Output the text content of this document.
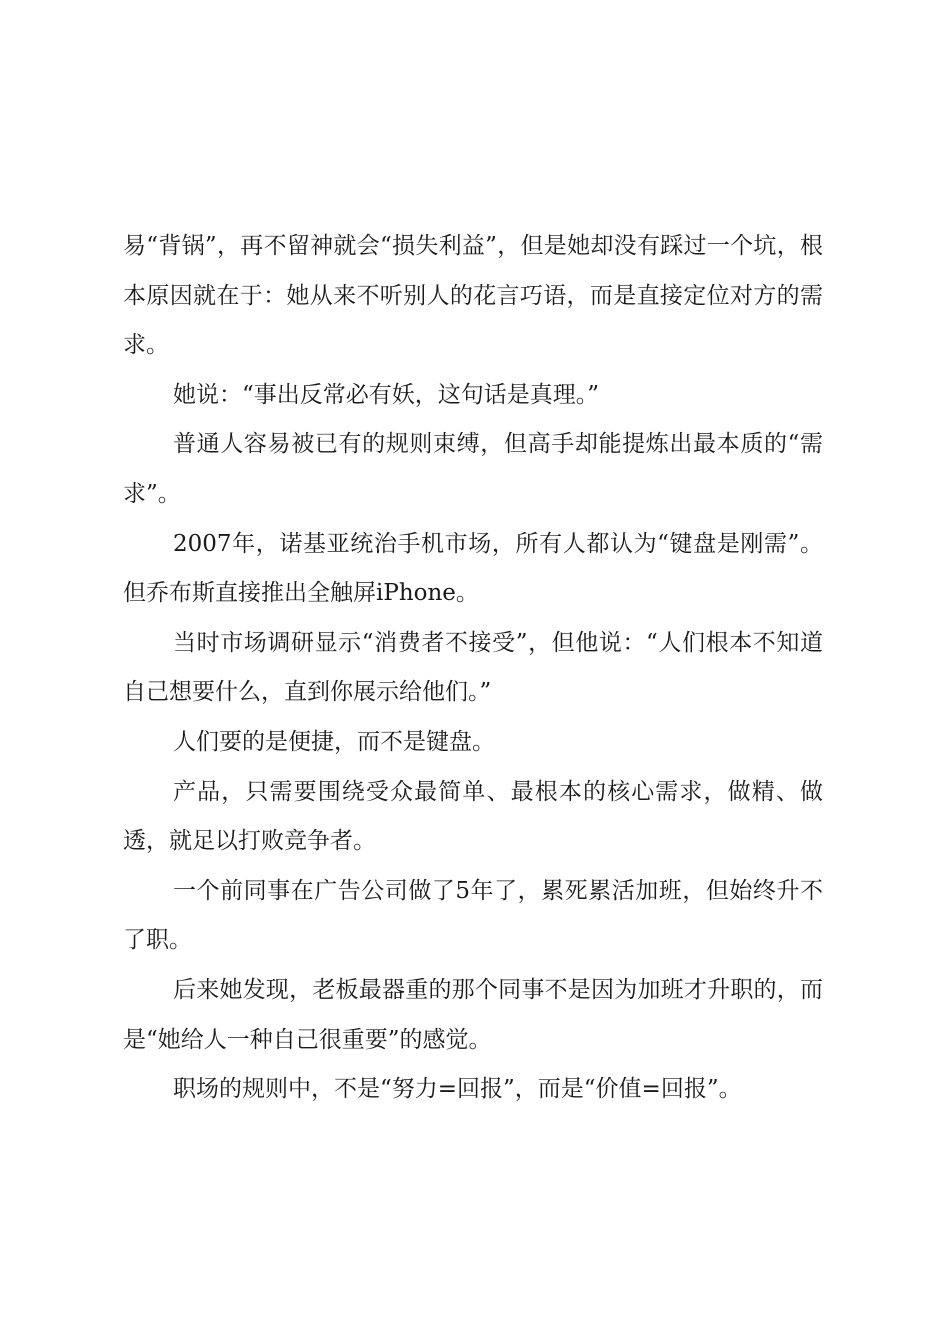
易“背锅”，再不留神就会“损失利益”，但是她却没有踩过一个坑，根本原因就在于：她从来不听别人的花言巧语，而是直接定位对方的需求。

她说：“事出反常必有妖，这句话是真理。”

普通人容易被已有的规则束缚，但高手却能提炼出最本质的“需求”。

2007年，诺基亚统治手机市场，所有人都认为“键盘是刚需”。但乔布斯直接推出全触屏iPhone。

当时市场调研显示“消费者不接受”，但他说：“人们根本不知道自己想要什么，直到你展示给他们。”

人们要的是便捷，而不是键盘。

产品，只需要围绕受众最简单、最根本的核心需求，做精、做透，就足以打败竞争者。

一个前同事在广告公司做了5年了，累死累活加班，但始终升不了职。

后来她发现，老板最器重的那个同事不是因为加班才升职的，而是“她给人一种自己很重要”的感觉。

职场的规则中，不是“努力=回报”，而是“价值=回报”。
